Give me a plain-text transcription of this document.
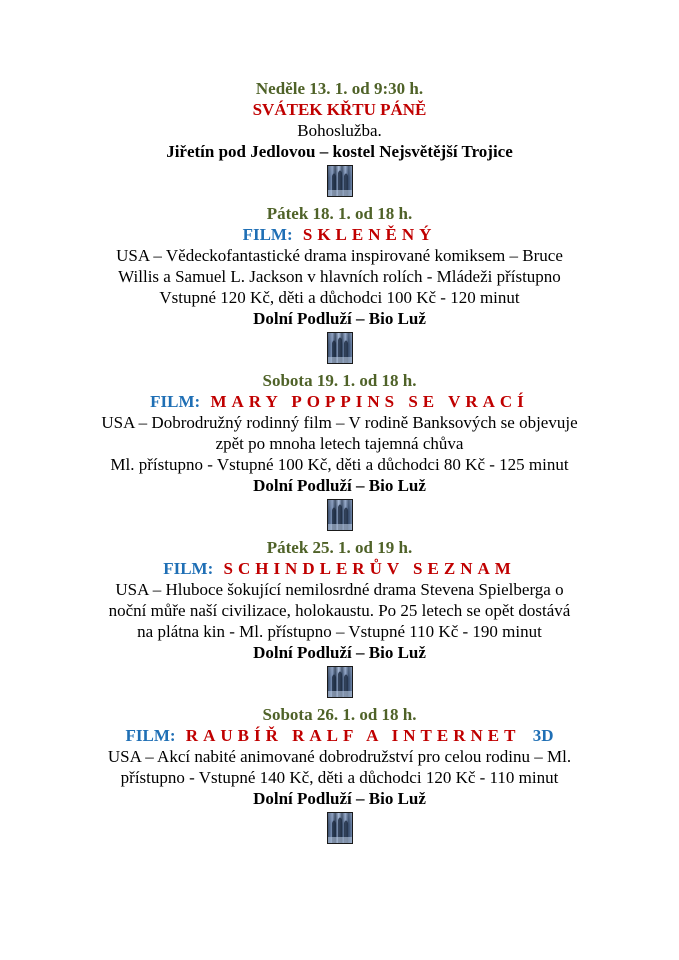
Neděle 13. 1. od 9:30 h.
SVÁTEK KŘTU PÁNĚ
Bohoslužba.
Jiřetín pod Jedlovou – kostel Nejsvětější Trojice
Pátek 18. 1. od 18 h.
FILM: SKLENĚNÝ
USA – Vědeckofantastické drama inspirované komiksem – Bruce
Willis a Samuel L. Jackson v hlavních rolích - Mládeži přístupno
Vstupné 120 Kč, děti a důchodci 100 Kč - 120 minut
Dolní Podluží – Bio Luž
Sobota 19. 1. od 18 h.
FILM: MARY POPPINS SE VRACÍ
USA – Dobrodružný rodinný film – V rodině Banksových se objevuje
zpět po mnoha letech tajemná chůva
Ml. přístupno - Vstupné 100 Kč, děti a důchodci 80 Kč - 125 minut
Dolní Podluží – Bio Luž
Pátek 25. 1. od 19 h.
FILM: SCHINDLERŮV SEZNAM
USA – Hluboce šokující nemilosrdné drama Stevena Spielberga o
noční můře naší civilizace, holokaustu. Po 25 letech se opět dostává
na plátna kin - Ml. přístupno – Vstupné 110 Kč - 190 minut
Dolní Podluží – Bio Luž
Sobota 26. 1. od 18 h.
FILM: RAUBÍŘ RALF A INTERNET 3D
USA – Akcí nabité animované dobrodružství pro celou rodinu – Ml.
přístupno - Vstupné 140 Kč, děti a důchodci 120 Kč - 110 minut
Dolní Podluží – Bio Luž
